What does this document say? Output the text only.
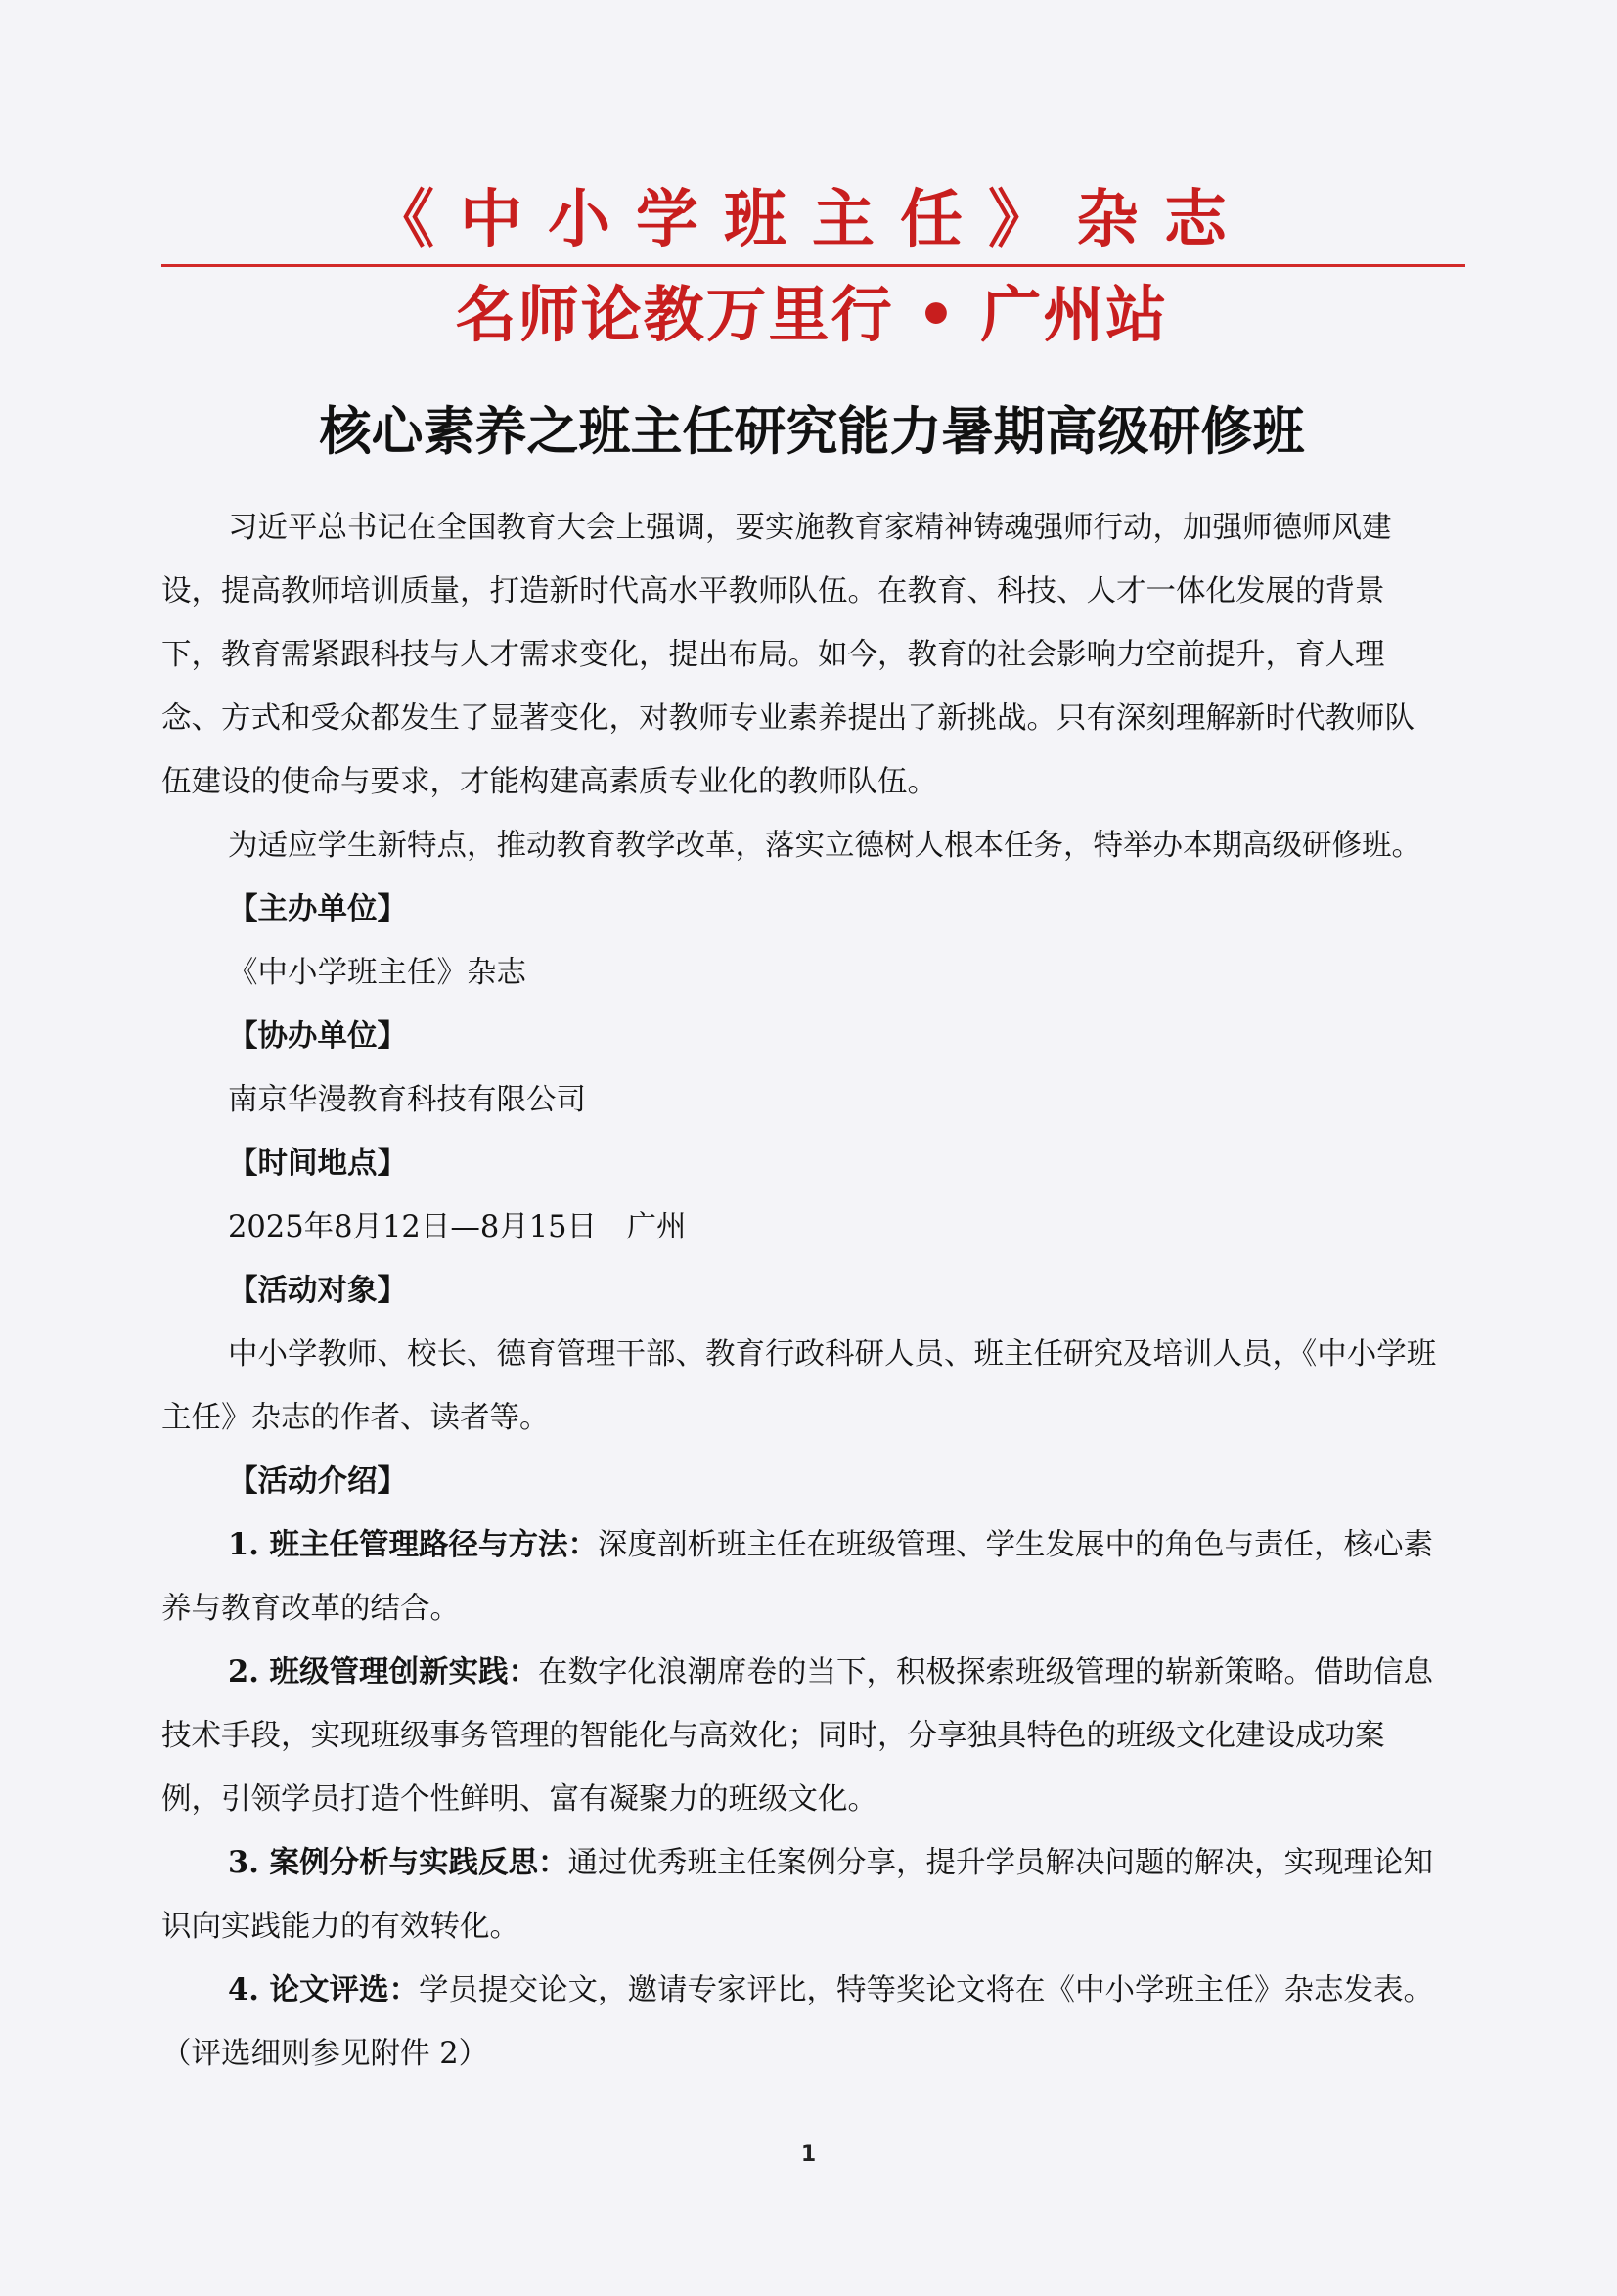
《中小学班主任》杂志
名师论教万里行 • 广州站
核心素养之班主任研究能力暑期高级研修班

习近平总书记在全国教育大会上强调，要实施教育家精神铸魂强师行动，加强师德师风建设，提高教师培训质量，打造新时代高水平教师队伍。在教育、科技、人才一体化发展的背景下，教育需紧跟科技与人才需求变化，提出布局。如今，教育的社会影响力空前提升，育人理念、方式和受众都发生了显著变化，对教师专业素养提出了新挑战。只有深刻理解新时代教师队伍建设的使命与要求，才能构建高素质专业化的教师队伍。

为适应学生新特点，推动教育教学改革，落实立德树人根本任务，特举办本期高级研修班。

【主办单位】

《中小学班主任》杂志

【协办单位】

南京华漫教育科技有限公司

【时间地点】

2025年8月12日—8月15日　广州

【活动对象】

中小学教师、校长、德育管理干部、教育行政科研人员、班主任研究及培训人员，《中小学班主任》杂志的作者、读者等。

【活动介绍】

1. 班主任管理路径与方法：深度剖析班主任在班级管理、学生发展中的角色与责任，核心素养与教育改革的结合。

2. 班级管理创新实践：在数字化浪潮席卷的当下，积极探索班级管理的崭新策略。借助信息技术手段，实现班级事务管理的智能化与高效化；同时，分享独具特色的班级文化建设成功案例，引领学员打造个性鲜明、富有凝聚力的班级文化。

3. 案例分析与实践反思：通过优秀班主任案例分享，提升学员解决问题的解决，实现理论知识向实践能力的有效转化。

4. 论文评选：学员提交论文，邀请专家评比，特等奖论文将在《中小学班主任》杂志发表。（评选细则参见附件 2）

1
